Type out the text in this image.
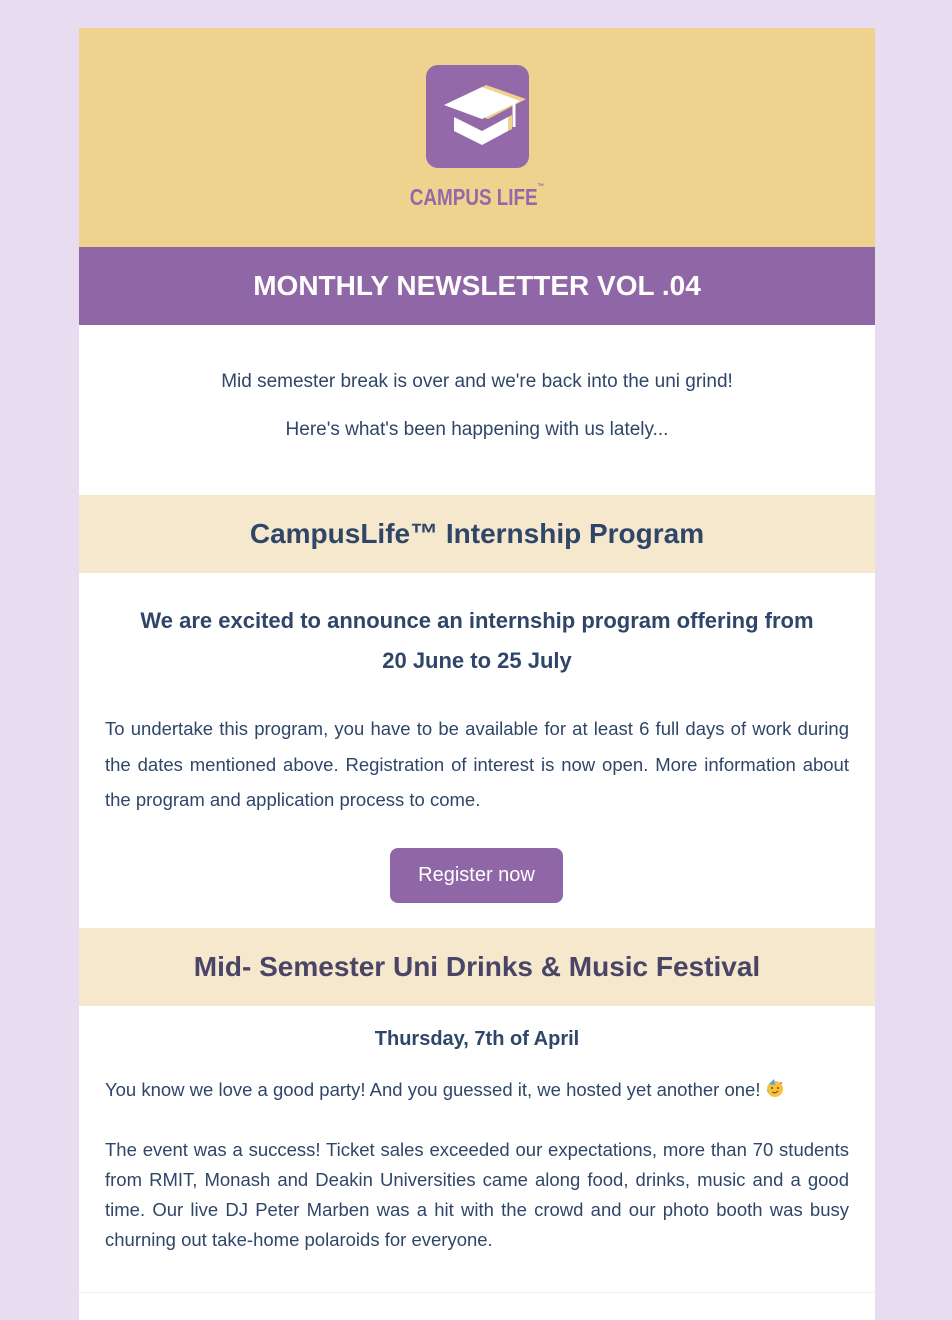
CAMPUS LIFE™
MONTHLY NEWSLETTER VOL .04

Mid semester break is over and we're back into the uni grind!

Here's what's been happening with us lately...

CampusLife™ Internship Program
We are excited to announce an internship program offering from
20 June to 25 July

To undertake this program, you have to be available for at least 6 full days of work during the dates mentioned above. Registration of interest is now open. More information about the program and application process to come.

Register now
Mid- Semester Uni Drinks & Music Festival
Thursday, 7th of April

You know we love a good party! And you guessed it, we hosted yet another one!

The event was a success! Ticket sales exceeded our expectations, more than 70 students from RMIT, Monash and Deakin Universities came along food, drinks, music and a good time. Our live DJ Peter Marben was a hit with the crowd and our photo booth was busy churning out take-home polaroids for everyone.
